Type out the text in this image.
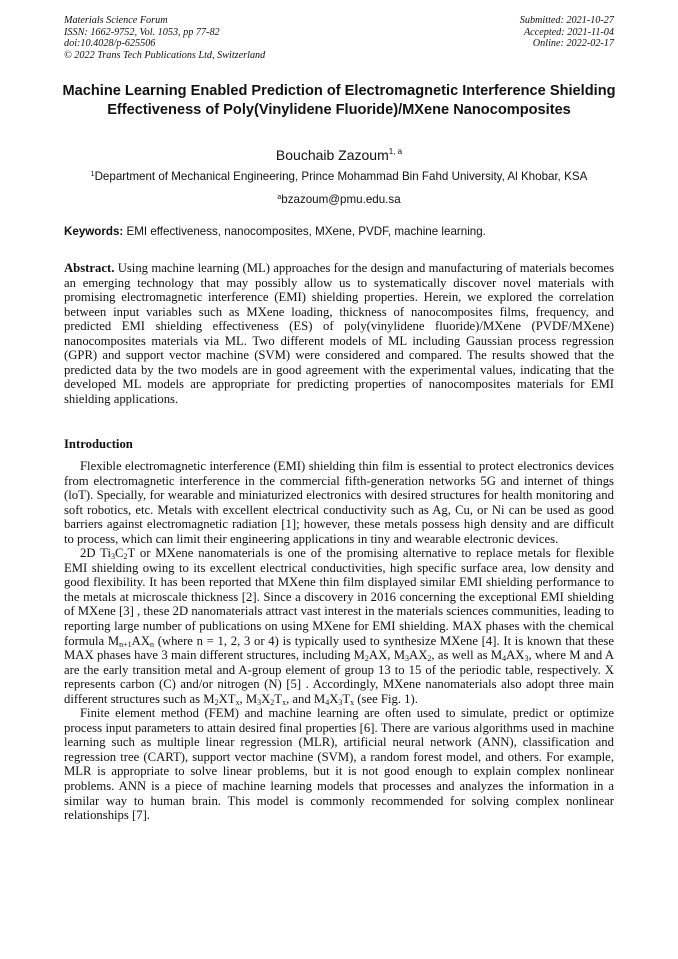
Materials Science Forum
ISSN: 1662-9752, Vol. 1053, pp 77-82
doi:10.4028/p-625506
© 2022 Trans Tech Publications Ltd, Switzerland
Submitted: 2021-10-27
Accepted: 2021-11-04
Online: 2022-02-17
Machine Learning Enabled Prediction of Electromagnetic Interference Shielding Effectiveness of Poly(Vinylidene Fluoride)/MXene Nanocomposites
Bouchaib Zazoum$^{1, a}$
$^1$Department of Mechanical Engineering, Prince Mohammad Bin Fahd University, Al Khobar, KSA
$^a$bzazoum@pmu.edu.sa
Keywords: EMI effectiveness, nanocomposites, MXene, PVDF, machine learning.
Abstract. Using machine learning (ML) approaches for the design and manufacturing of materials becomes an emerging technology that may possibly allow us to systematically discover novel materials with promising electromagnetic interference (EMI) shielding properties. Herein, we explored the correlation between input variables such as MXene loading, thickness of nanocomposites films, frequency, and predicted EMI shielding effectiveness (ES) of poly(vinylidene fluoride)/MXene (PVDF/MXene) nanocomposites materials via ML. Two different models of ML including Gaussian process regression (GPR) and support vector machine (SVM) were considered and compared. The results showed that the predicted data by the two models are in good agreement with the experimental values, indicating that the developed ML models are appropriate for predicting properties of nanocomposites materials for EMI shielding applications.
Introduction

Flexible electromagnetic interference (EMI) shielding thin film is essential to protect electronics devices from electromagnetic interference in the commercial fifth-generation networks 5G and internet of things (loT). Specially, for wearable and miniaturized electronics with desired structures for health monitoring and soft robotics, etc. Metals with excellent electrical conductivity such as Ag, Cu, or Ni can be used as good barriers against electromagnetic radiation [1]; however, these metals possess high density and are difficult to process, which can limit their engineering applications in tiny and wearable electronic devices.

2D $Ti_3C_2T$ or MXene nanomaterials is one of the promising alternative to replace metals for flexible EMI shielding owing to its excellent electrical conductivities, high specific surface area, low density and good flexibility. It has been reported that MXene thin film displayed similar EMI shielding performance to the metals at microscale thickness [2]. Since a discovery in 2016 concerning the exceptional EMI shielding of MXene [3] , these 2D nanomaterials attract vast interest in the materials sciences communities, leading to reporting large number of publications on using MXene for EMI shielding. MAX phases with the chemical formula $M_{n+1}AX_n$ (where n = 1, 2, 3 or 4) is typically used to synthesize MXene [4]. It is known that these MAX phases have 3 main different structures, including $M_2AX$, $M_3AX_2$, as well as $M_4AX_3$, where M and A are the early transition metal and A-group element of group 13 to 15 of the periodic table, respectively. X represents carbon (C) and/or nitrogen (N) [5] . Accordingly, MXene nanomaterials also adopt three main different structures such as $M_2XT_x$, $M_3X_2T_x$, and $M_4X_3T_x$ (see Fig. 1).

Finite element method (FEM) and machine learning are often used to simulate, predict or optimize process input parameters to attain desired final properties [6]. There are various algorithms used in machine learning such as multiple linear regression (MLR), artificial neural network (ANN), classification and regression tree (CART), support vector machine (SVM), a random forest model, and others. For example, MLR is appropriate to solve linear problems, but it is not good enough to explain complex nonlinear problems. ANN is a piece of machine learning models that processes and analyzes the information in a similar way to human brain. This model is commonly recommended for solving complex nonlinear relationships [7].
